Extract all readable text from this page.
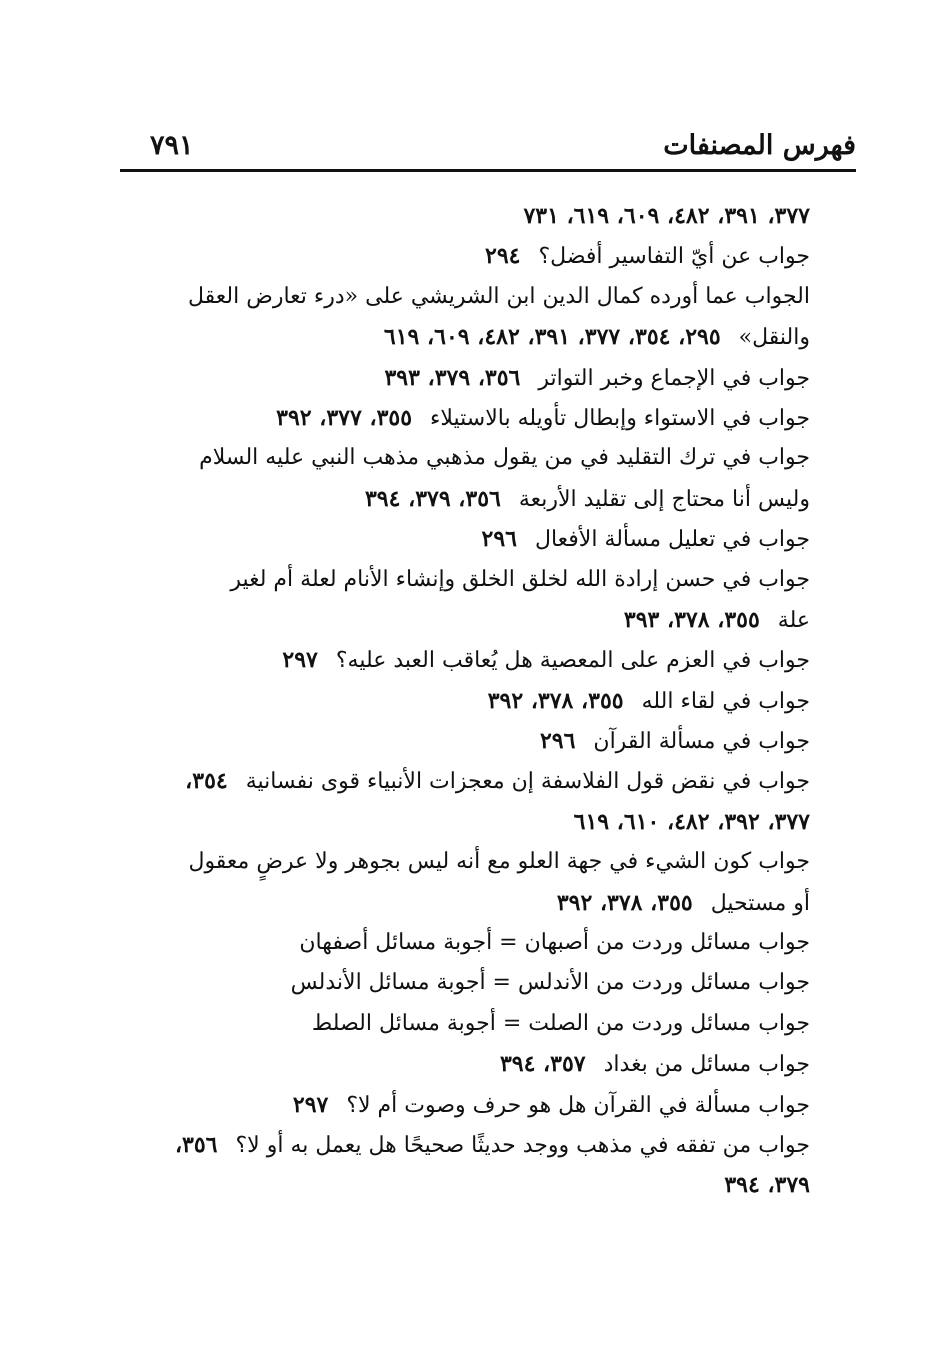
فهرس المصنفات
٧٩١
٣٧٧، ٣٩١، ٤٨٢، ٦٠٩، ٦١٩، ٧٣١
جواب عن أيّ التفاسير أفضل؟٢٩٤
الجواب عما أورده كمال الدين ابن الشريشي على «درء تعارض العقل
والنقل»٢٩٥، ٣٥٤، ٣٧٧، ٣٩١، ٤٨٢، ٦٠٩، ٦١٩
جواب في الإجماع وخبر التواتر٣٥٦، ٣٧٩، ٣٩٣
جواب في الاستواء وإبطال تأويله بالاستيلاء٣٥٥، ٣٧٧، ٣٩٢
جواب في ترك التقليد في من يقول مذهبي مذهب النبي عليه السلام
وليس أنا محتاج إلى تقليد الأربعة٣٥٦، ٣٧٩، ٣٩٤
جواب في تعليل مسألة الأفعال٢٩٦
جواب في حسن إرادة الله لخلق الخلق وإنشاء الأنام لعلة أم لغير
علة٣٥٥، ٣٧٨، ٣٩٣
جواب في العزم على المعصية هل يُعاقب العبد عليه؟٢٩٧
جواب في لقاء الله٣٥٥، ٣٧٨، ٣٩٢
جواب في مسألة القرآن٢٩٦
جواب في نقض قول الفلاسفة إن معجزات الأنبياء قوى نفسانية٣٥٤،
٣٧٧، ٣٩٢، ٤٨٢، ٦١٠، ٦١٩
جواب كون الشيء في جهة العلو مع أنه ليس بجوهر ولا عرضٍ معقول
أو مستحيل٣٥٥، ٣٧٨، ٣٩٢
جواب مسائل وردت من أصبهان = أجوبة مسائل أصفهان
جواب مسائل وردت من الأندلس = أجوبة مسائل الأندلس
جواب مسائل وردت من الصلت = أجوبة مسائل الصلط
جواب مسائل من بغداد٣٥٧، ٣٩٤
جواب مسألة في القرآن هل هو حرف وصوت أم لا؟٢٩٧
جواب من تفقه في مذهب ووجد حديثًا صحيحًا هل يعمل به أو لا؟٣٥٦،
٣٧٩، ٣٩٤
